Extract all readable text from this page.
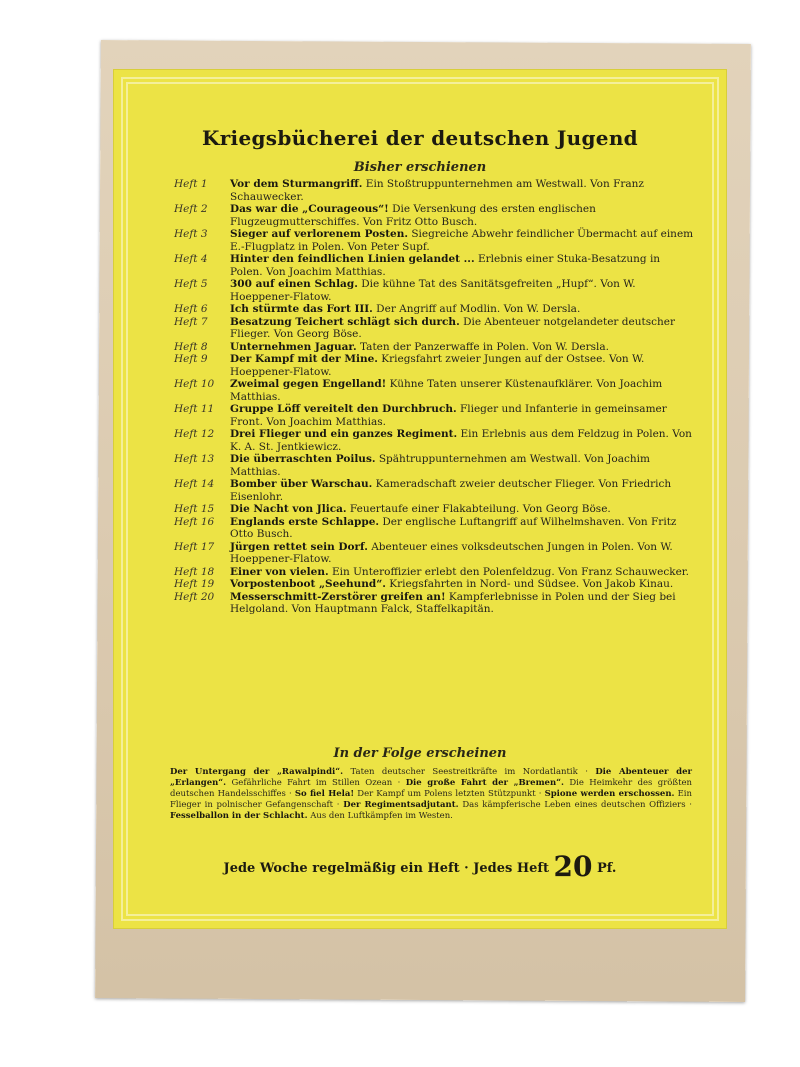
Kriegsbücherei der deutschen Jugend
Bisher erschienen
Heft 1	Vor dem Sturmangriff. Ein Stoßtruppunternehmen am Westwall. Von Franz Schauwecker.
Heft 2	Das war die „Courageous“! Die Versenkung des ersten englischen Flugzeugmutterschiffes. Von Fritz Otto Busch.
Heft 3	Sieger auf verlorenem Posten. Siegreiche Abwehr feindlicher Übermacht auf einem E.-Flugplatz in Polen. Von Peter Supf.
Heft 4	Hinter den feindlichen Linien gelandet ... Erlebnis einer Stuka-Besatzung in Polen. Von Joachim Matthias.
Heft 5	300 auf einen Schlag. Die kühne Tat des Sanitätsgefreiten „Hupf“. Von W. Hoeppener-Flatow.
Heft 6	Ich stürmte das Fort III. Der Angriff auf Modlin. Von W. Dersla.
Heft 7	Besatzung Teichert schlägt sich durch. Die Abenteuer notgelandeter deutscher Flieger. Von Georg Böse.
Heft 8	Unternehmen Jaguar. Taten der Panzerwaffe in Polen. Von W. Dersla.
Heft 9	Der Kampf mit der Mine. Kriegsfahrt zweier Jungen auf der Ostsee. Von W. Hoeppener-Flatow.
Heft 10	Zweimal gegen Engelland! Kühne Taten unserer Küstenaufklärer. Von Joachim Matthias.
Heft 11	Gruppe Löff vereitelt den Durchbruch. Flieger und Infanterie in gemeinsamer Front. Von Joachim Matthias.
Heft 12	Drei Flieger und ein ganzes Regiment. Ein Erlebnis aus dem Feldzug in Polen. Von K. A. St. Jentkiewicz.
Heft 13	Die überraschten Poilus. Spähtruppunternehmen am Westwall. Von Joachim Matthias.
Heft 14	Bomber über Warschau. Kameradschaft zweier deutscher Flieger. Von Friedrich Eisenlohr.
Heft 15	Die Nacht von Jlica. Feuertaufe einer Flakabteilung. Von Georg Böse.
Heft 16	Englands erste Schlappe. Der englische Luftangriff auf Wilhelmshaven. Von Fritz Otto Busch.
Heft 17	Jürgen rettet sein Dorf. Abenteuer eines volksdeutschen Jungen in Polen. Von W. Hoeppener-Flatow.
Heft 18	Einer von vielen. Ein Unteroffizier erlebt den Polenfeldzug. Von Franz Schauwecker.
Heft 19	Vorpostenboot „Seehund“. Kriegsfahrten in Nord- und Südsee. Von Jakob Kinau.
Heft 20	Messerschmitt-Zerstörer greifen an! Kampferlebnisse in Polen und der Sieg bei Helgoland. Von Hauptmann Falck, Staffelkapitän.
In der Folge erscheinen
Der Untergang der „Rawalpindi“. Taten deutscher Seestreitkräfte im Nordatlantik · Die Abenteuer der „Erlangen“. Gefährliche Fahrt im Stillen Ozean · Die große Fahrt der „Bremen“. Die Heimkehr des größten deutschen Handelsschiffes · So fiel Hela! Der Kampf um Polens letzten Stützpunkt · Spione werden erschossen. Ein Flieger in polnischer Gefangenschaft · Der Regimentsadjutant. Das kämpferische Leben eines deutschen Offiziers · Fesselballon in der Schlacht. Aus den Luftkämpfen im Westen.
Jede Woche regelmäßig ein Heft · Jedes Heft 20 Pf.
